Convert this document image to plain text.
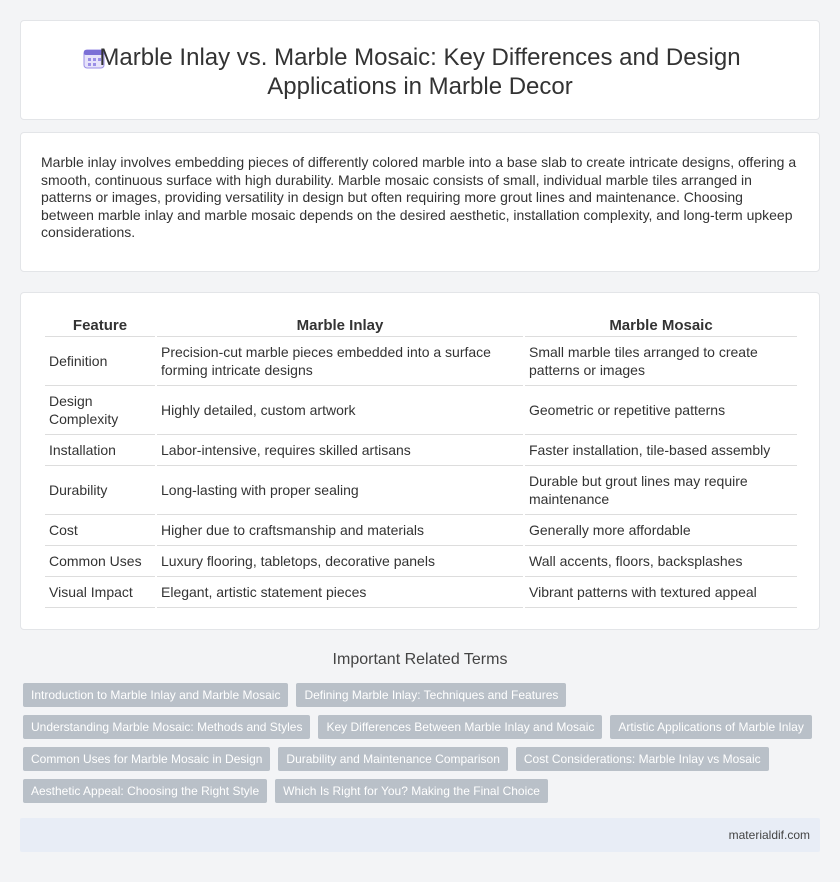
Marble Inlay vs. Marble Mosaic: Key Differences and Design
Applications in Marble Decor

Marble inlay involves embedding pieces of differently colored marble into a base slab to create intricate designs, offering a smooth, continuous surface with high durability. Marble mosaic consists of small, individual marble tiles arranged in patterns or images, providing versatility in design but often requiring more grout lines and maintenance. Choosing between marble inlay and marble mosaic depends on the desired aesthetic, installation complexity, and long-term upkeep considerations.

Feature	Marble Inlay	Marble Mosaic
Definition	Precision-cut marble pieces embedded into a surface forming intricate designs	Small marble tiles arranged to create patterns or images
Design Complexity	Highly detailed, custom artwork	Geometric or repetitive patterns
Installation	Labor-intensive, requires skilled artisans	Faster installation, tile-based assembly
Durability	Long-lasting with proper sealing	Durable but grout lines may require maintenance
Cost	Higher due to craftsmanship and materials	Generally more affordable
Common Uses	Luxury flooring, tabletops, decorative panels	Wall accents, floors, backsplashes
Visual Impact	Elegant, artistic statement pieces	Vibrant patterns with textured appeal
Important Related Terms
Introduction to Marble Inlay and Marble Mosaic	Defining Marble Inlay: Techniques and Features
Understanding Marble Mosaic: Methods and Styles	Key Differences Between Marble Inlay and Mosaic	Artistic Applications of Marble Inlay
Common Uses for Marble Mosaic in Design	Durability and Maintenance Comparison	Cost Considerations: Marble Inlay vs Mosaic
Aesthetic Appeal: Choosing the Right Style	Which Is Right for You? Making the Final Choice
materialdif.com
